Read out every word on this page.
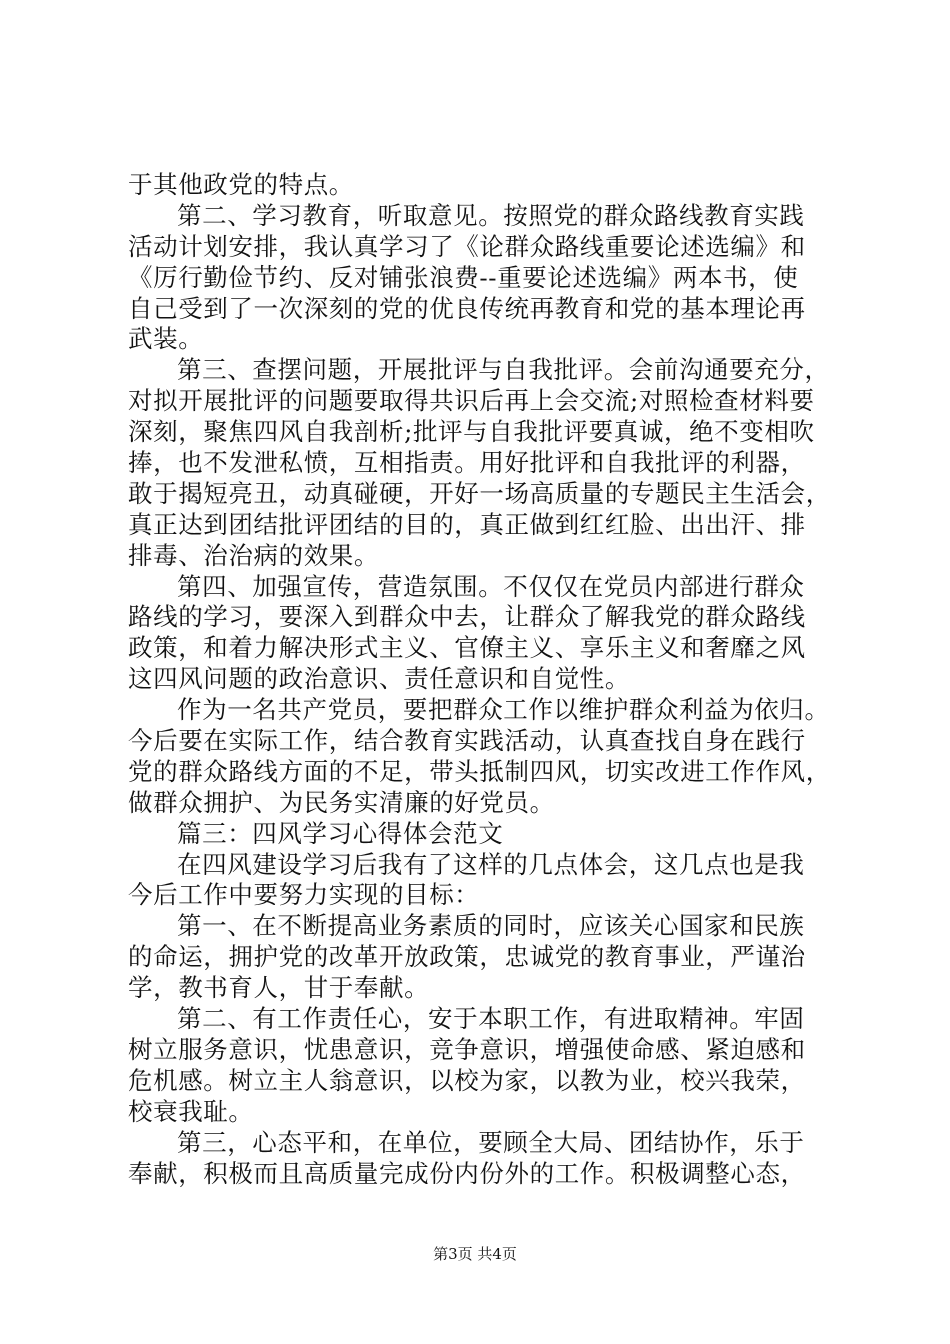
于其他政党的特点。
第二、学习教育，听取意见。按照党的群众路线教育实践
活动计划安排，我认真学习了《论群众路线重要论述选编》和
《厉行勤俭节约、反对铺张浪费--重要论述选编》两本书，使
自己受到了一次深刻的党的优良传统再教育和党的基本理论再
武装。
第三、查摆问题，开展批评与自我批评。会前沟通要充分，
对拟开展批评的问题要取得共识后再上会交流;对照检查材料要
深刻，聚焦四风自我剖析;批评与自我批评要真诚，绝不变相吹
捧，也不发泄私愤，互相指责。用好批评和自我批评的利器，
敢于揭短亮丑，动真碰硬，开好一场高质量的专题民主生活会，
真正达到团结批评团结的目的，真正做到红红脸、出出汗、排
排毒、治治病的效果。
第四、加强宣传，营造氛围。不仅仅在党员内部进行群众
路线的学习，要深入到群众中去，让群众了解我党的群众路线
政策，和着力解决形式主义、官僚主义、享乐主义和奢靡之风
这四风问题的政治意识、责任意识和自觉性。
作为一名共产党员，要把群众工作以维护群众利益为依归。
今后要在实际工作，结合教育实践活动，认真查找自身在践行
党的群众路线方面的不足，带头抵制四风，切实改进工作作风，
做群众拥护、为民务实清廉的好党员。
篇三：四风学习心得体会范文
在四风建设学习后我有了这样的几点体会，这几点也是我
今后工作中要努力实现的目标：
第一、在不断提高业务素质的同时，应该关心国家和民族
的命运，拥护党的改革开放政策，忠诚党的教育事业，严谨治
学，教书育人，甘于奉献。
第二、有工作责任心，安于本职工作，有进取精神。牢固
树立服务意识，忧患意识，竞争意识，增强使命感、紧迫感和
危机感。树立主人翁意识，以校为家，以教为业，校兴我荣，
校衰我耻。
第三，心态平和，在单位，要顾全大局、团结协作，乐于
奉献，积极而且高质量完成份内份外的工作。积极调整心态，
第3页 共4页
